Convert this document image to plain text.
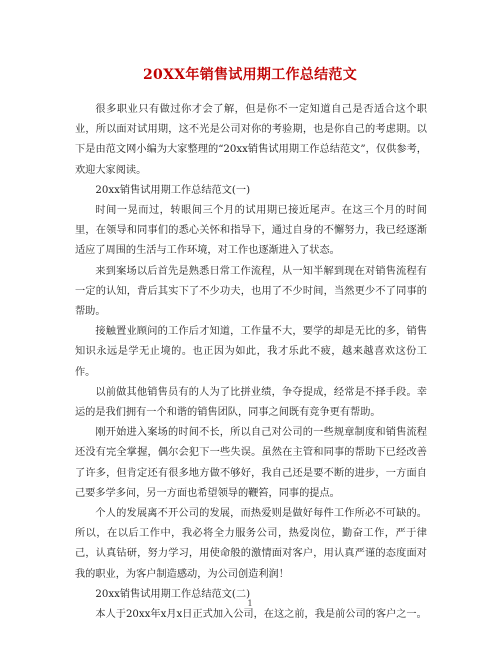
20XX年销售试用期工作总结范文

很多职业只有做过你才会了解，但是你不一定知道自己是否适合这个职业，所以面对试用期，这不光是公司对你的考验期，也是你自己的考虑期。以下是由范文网小编为大家整理的“20xx销售试用期工作总结范文”，仅供参考，欢迎大家阅读。

20xx销售试用期工作总结范文(一)

时间一晃而过，转眼间三个月的试用期已接近尾声。在这三个月的时间里，在领导和同事们的悉心关怀和指导下，通过自身的不懈努力，我已经逐渐适应了周围的生活与工作环境，对工作也逐渐进入了状态。

来到案场以后首先是熟悉日常工作流程，从一知半解到现在对销售流程有一定的认知，背后其实下了不少功夫，也用了不少时间，当然更少不了同事的帮助。

接触置业顾问的工作后才知道，工作量不大，要学的却是无比的多，销售知识永远是学无止境的。也正因为如此，我才乐此不疲，越来越喜欢这份工作。

以前做其他销售员有的人为了比拼业绩，争夺提成，经常是不择手段。幸运的是我们拥有一个和谐的销售团队，同事之间既有竞争更有帮助。

刚开始进入案场的时间不长，所以自己对公司的一些规章制度和销售流程还没有完全掌握，偶尔会犯下一些失误。虽然在主管和同事的帮助下已经改善了许多，但肯定还有很多地方做不够好，我自己还是要不断的进步，一方面自己要多学多问，另一方面也希望领导的鞭笞，同事的提点。

个人的发展离不开公司的发展，而热爱则是做好每件工作所必不可缺的。所以，在以后工作中，我必将全力服务公司，热爱岗位，勤奋工作，严于律己，认真钻研，努力学习，用使命般的激情面对客户，用认真严谨的态度面对我的职业，为客户制造感动，为公司创造利润！

20xx销售试用期工作总结范文(二)

本人于20xx年x月x日正式加入公司，在这之前，我是前公司的客户之一。

1
